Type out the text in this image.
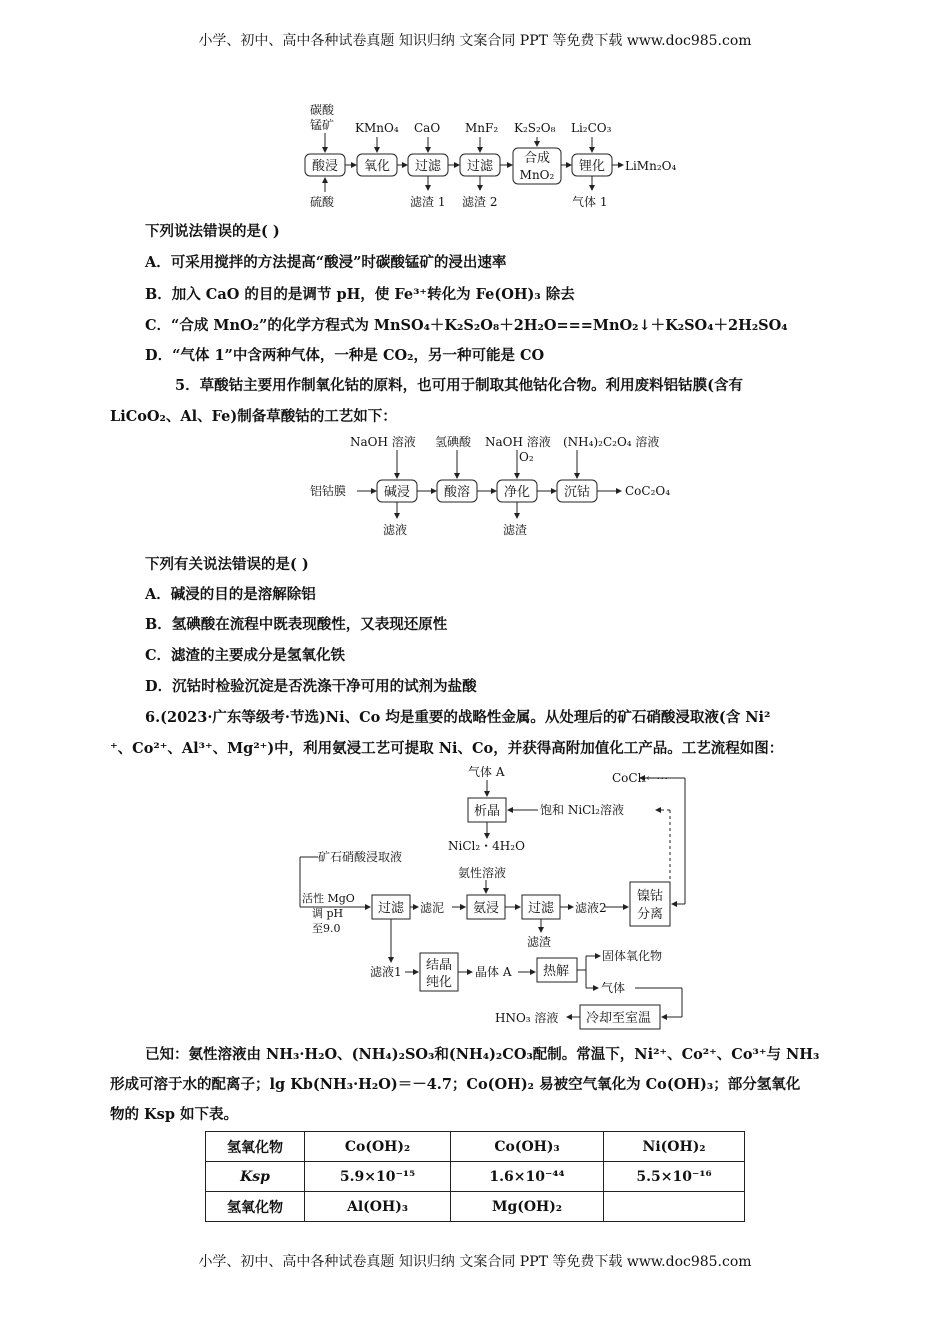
小学、初中、高中各种试卷真题 知识归纳 文案合同 PPT 等免费下载 www.doc985.com
碳酸
锰矿 KMnO₄ CaO MnF₂ K₂S₂O₈ Li₂CO₃
酸浸 氧化 过滤 过滤
合成
MnO₂
锂化 LiMn₂O₄
硫酸	滤渣 1 滤渣 2	气体 1
下列说法错误的是( )
A．可采用搅拌的方法提高“酸浸”时碳酸锰矿的浸出速率
B．加入 CaO 的目的是调节 pH，使 Fe³⁺转化为 Fe(OH)₃ 除去
C．“合成 MnO₂”的化学方程式为 MnSO₄＋K₂S₂O₈＋2H₂O===MnO₂↓＋K₂SO₄＋2H₂SO₄
D．“气体 1”中含两种气体，一种是 CO₂，另一种可能是 CO
5．草酸钴主要用作制氧化钴的原料，也可用于制取其他钴化合物。利用废料铝钴膜(含有
LiCoO₂、Al、Fe)制备草酸钴的工艺如下：
NaOH 溶液 氢碘酸 NaOH 溶液
O₂
(NH₄)₂C₂O₄ 溶液
碱浸	酸溶	净化	沉钴
铝钴膜	CoC₂O₄
滤液	滤渣
下列有关说法错误的是( )
A．碱浸的目的是溶解除铝
B．氢碘酸在流程中既表现酸性，又表现还原性
C．滤渣的主要成分是氢氧化铁
D．沉钴时检验沉淀是否洗涤干净可用的试剂为盐酸
6.(2023·广东等级考·节选)Ni、Co 均是重要的战略性金属。从处理后的矿石硝酸浸取液(含 Ni²
⁺、Co²⁺、Al³⁺、Mg²⁺)中，利用氨浸工艺可提取 Ni、Co，并获得高附加值化工产品。工艺流程如图：
气体 A	CoCl₂←⋯
析晶	饱和 NiCl₂溶液
NiCl₂・4H₂O
矿石硝酸浸取液
氨性溶液
活性 MgO
调 pH
至9.0
过滤 滤泥 氨浸 过滤 滤液2
镍钴
分离
滤渣
滤液1 结晶
纯化
晶体 A 热解
固体氧化物
气体
HNO₃ 溶液 冷却至室温
已知：氨性溶液由 NH₃·H₂O、(NH₄)₂SO₃和(NH₄)₂CO₃配制。常温下，Ni²⁺、Co²⁺、Co³⁺与 NH₃
形成可溶于水的配离子；lg Kb(NH₃·H₂O)＝－4.7；Co(OH)₂ 易被空气氧化为 Co(OH)₃；部分氢氧化
物的 Ksp 如下表。
氢氧化物	Co(OH)₂	Co(OH)₃	Ni(OH)₂
Ksp	5.9×10⁻¹⁵	1.6×10⁻⁴⁴	5.5×10⁻¹⁶
氢氧化物	Al(OH)₃	Mg(OH)₂	
小学、初中、高中各种试卷真题 知识归纳 文案合同 PPT 等免费下载 www.doc985.com
